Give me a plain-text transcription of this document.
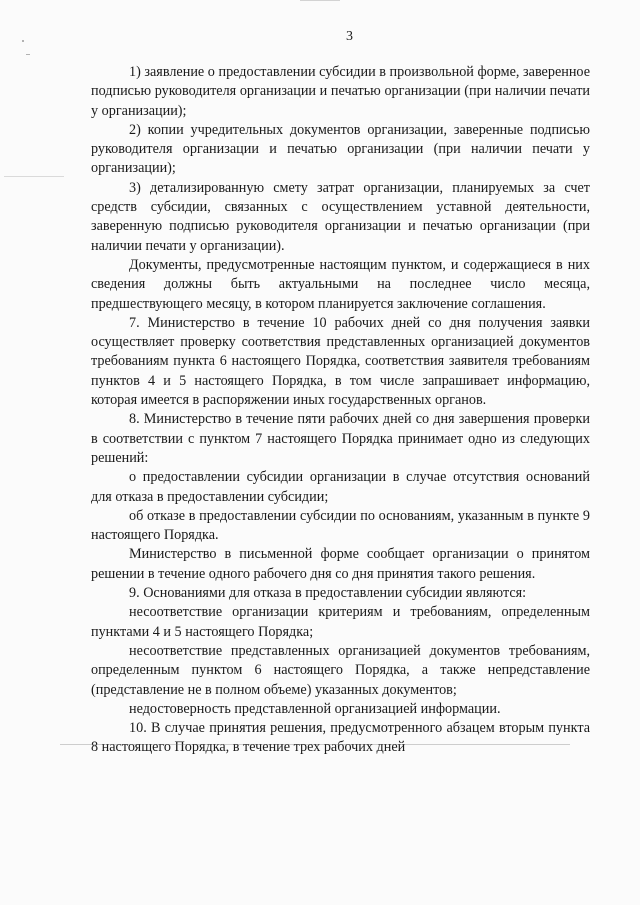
3

1) заявление о предоставлении субсидии в произвольной форме, заверенное подписью руководителя организации и печатью организации (при наличии печати у организации);

2) копии учредительных документов организации, заверенные подписью руководителя организации и печатью организации (при наличии печати у организации);

3) детализированную смету затрат организации, планируемых за счет средств субсидии, связанных с осуществлением уставной деятельности, заверенную подписью руководителя организации и печатью организации (при наличии печати у организации).

Документы, предусмотренные настоящим пунктом, и содержащиеся в них сведения должны быть актуальными на последнее число месяца, предшествующего месяцу, в котором планируется заключение соглашения.

7. Министерство в течение 10 рабочих дней со дня получения заявки осуществляет проверку соответствия представленных организацией документов требованиям пункта 6 настоящего Порядка, соответствия заявителя требованиям пунктов 4 и 5 настоящего Порядка, в том числе запрашивает информацию, которая имеется в распоряжении иных государственных органов.

8. Министерство в течение пяти рабочих дней со дня завершения проверки в соответствии с пунктом 7 настоящего Порядка принимает одно из следующих решений:

о предоставлении субсидии организации в случае отсутствия оснований для отказа в предоставлении субсидии;

об отказе в предоставлении субсидии по основаниям, указанным в пункте 9 настоящего Порядка.

Министерство в письменной форме сообщает организации о принятом решении в течение одного рабочего дня со дня принятия такого решения.

9. Основаниями для отказа в предоставлении субсидии являются:

несоответствие организации критериям и требованиям, определенным пунктами 4 и 5 настоящего Порядка;

несоответствие представленных организацией документов требованиям, определенным пунктом 6 настоящего Порядка, а также непредставление (представление не в полном объеме) указанных документов;

недостоверность представленной организацией информации.

10. В случае принятия решения, предусмотренного абзацем вторым пункта 8 настоящего Порядка, в течение трех рабочих дней
